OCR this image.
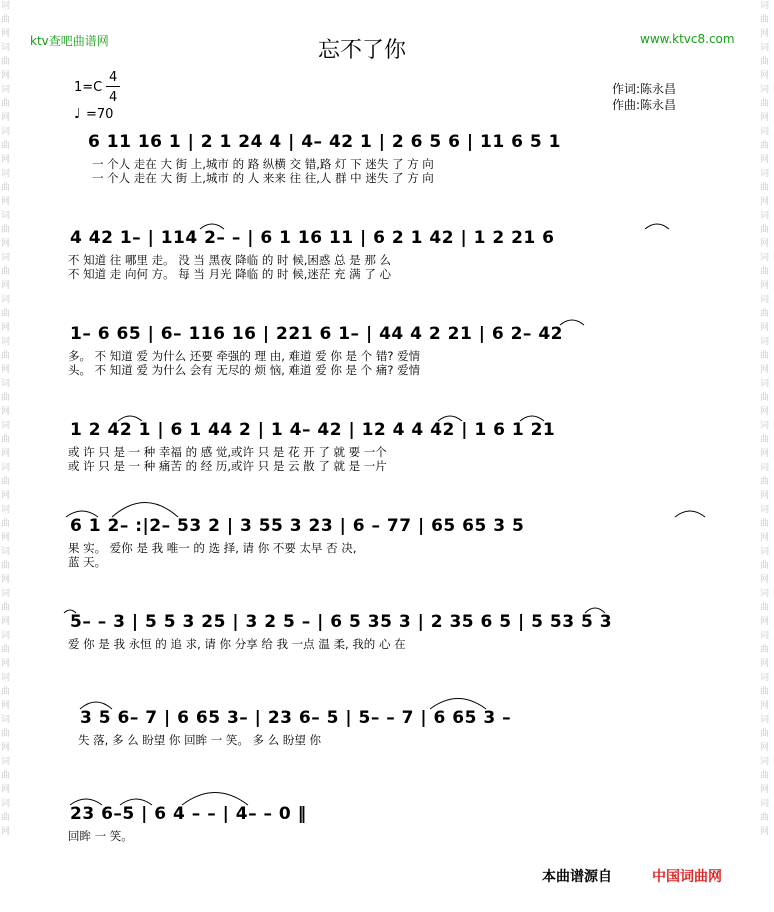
词
曲
网
词
曲
网
词
曲
网
词
曲
网
词
曲
网
词
曲
网
词
曲
网
词
曲
网
词
曲
网
词
曲
网
词
曲
网
词
曲
网
词
曲
网
词
曲
网
词
曲
网
词
曲
网
词
曲
网
词
曲
网
词
曲
网
词
曲
网
词
曲
网
词
曲
网
词
曲
网
词
曲
网
词
曲
网
词
曲
网
词
曲
网
词
曲
网
词
曲
网
词
曲
网
词
曲
网
词
曲
网
词
曲
网
词
曲
网
词
曲
网
词
曲
网
词
曲
网
词
曲
网
词
曲
网
词
曲
网
ktv查吧曲谱网	www.ktvc8.com
忘不了你
1=C
4
4
♩ =70
作词:陈永昌
作曲:陈永昌
6 11 16 1 | 2 1 24 4 | 4– 42 1 | 2 6 5 6 | 11 6 5 1
一 个人 走在 大 街 上,城市 的 路 纵横 交 错,路 灯 下 迷失 了 方 向
一 个人 走在 大 街 上,城市 的 人 来来 往 往,人 群 中 迷失 了 方 向
4 42 1– | 114 2– – | 6 1 16 11 | 6 2 1 42 | 1 2 21 6
不 知道 往 哪里 走。 没 当 黑夜 降临 的 时 候,困惑 总 是 那 么
不 知道 走 向何 方。 每 当 月光 降临 的 时 候,迷茫 充 满 了 心
1– 6 65 | 6– 116 16 | 221 6 1– | 44 4 2 21 | 6 2– 42
多。 不 知道 爱 为什么 还要 牵强的 理 由, 难道 爱 你 是 个 错? 爱情
头。 不 知道 爱 为什么 会有 无尽的 烦 恼, 难道 爱 你 是 个 痛? 爱情
1 2 42 1 | 6 1 44 2 | 1 4– 42 | 12 4 4 42 | 1 6 1 21
或 许 只 是 一 种 幸福 的 感 觉,或许 只 是 花 开 了 就 要 一个
或 许 只 是 一 种 痛苦 的 经 历,或许 只 是 云 散 了 就 是 一片
6 1 2– :|2– 53 2 | 3 55 3 23 | 6 – 77 | 65 65 3 5
果 实。 爱你 是 我 唯一 的 选 择, 请 你 不要 太早 否 决,
蓝 天。
5– – 3 | 5 5 3 25 | 3 2 5 – | 6 5 35 3 | 2 35 6 5 | 5 53 5 3
爱 你 是 我 永恒 的 追 求, 请 你 分享 给 我 一点 温 柔, 我的 心 在
3 5 6– 7 | 6 65 3– | 23 6– 5 | 5– – 7 | 6 65 3 –
失 落, 多 么 盼望 你 回眸 一 笑。 多 么 盼望 你
23 6–5 | 6 4 – – | 4– – 0 ‖
回眸 一 笑。
本曲谱源自	中国词曲网
